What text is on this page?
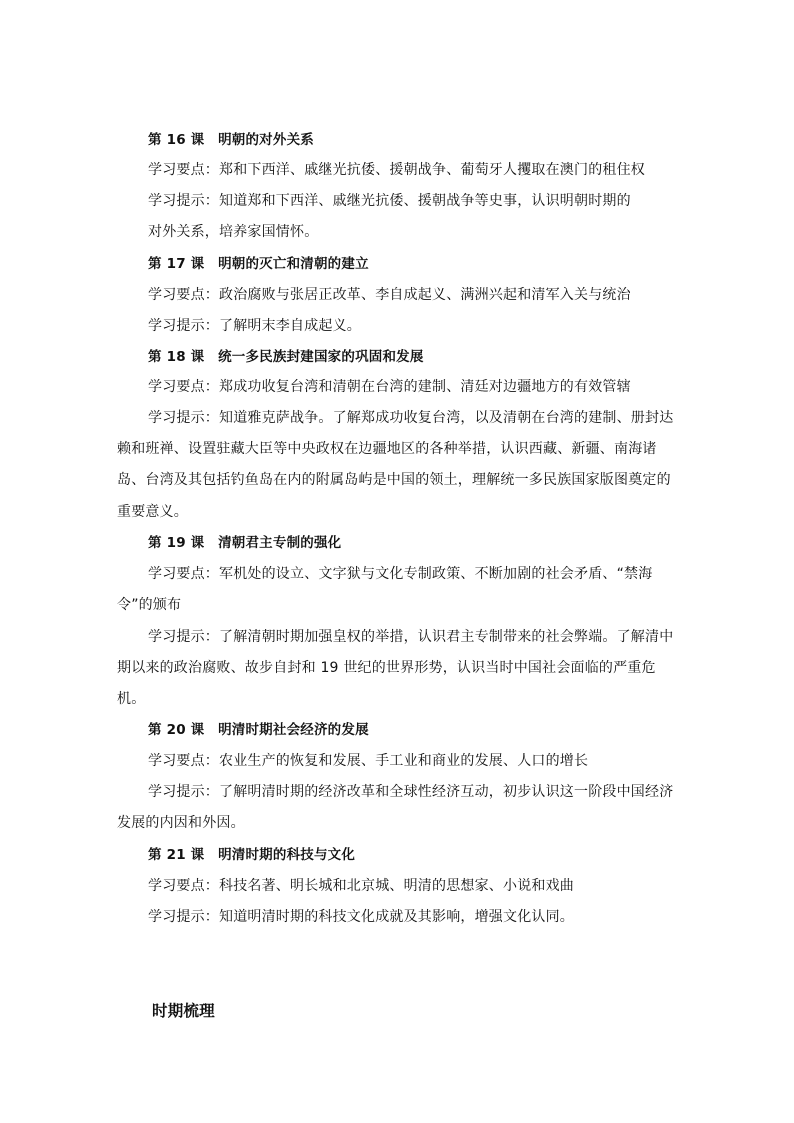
第 16 课　明朝的对外关系
学习要点：郑和下西洋、戚继光抗倭、援朝战争、葡萄牙人攫取在澳门的租住权
学习提示：知道郑和下西洋、戚继光抗倭、援朝战争等史事，认识明朝时期的
对外关系，培养家国情怀。
第 17 课　明朝的灭亡和清朝的建立
学习要点：政治腐败与张居正改革、李自成起义、满洲兴起和清军入关与统治
学习提示：了解明末李自成起义。
第 18 课　统一多民族封建国家的巩固和发展
学习要点：郑成功收复台湾和清朝在台湾的建制、清廷对边疆地方的有效管辖
学习提示：知道雅克萨战争。了解郑成功收复台湾，以及清朝在台湾的建制、册封达
赖和班禅、设置驻藏大臣等中央政权在边疆地区的各种举措，认识西藏、新疆、南海诸
岛、台湾及其包括钓鱼岛在内的附属岛屿是中国的领土，理解统一多民族国家版图奠定的
重要意义。
第 19 课　清朝君主专制的强化
学习要点：军机处的设立、文字狱与文化专制政策、不断加剧的社会矛盾、“禁海
令”的颁布
学习提示：了解清朝时期加强皇权的举措，认识君主专制带来的社会弊端。了解清中
期以来的政治腐败、故步自封和 19 世纪的世界形势，认识当时中国社会面临的严重危
机。
第 20 课　明清时期社会经济的发展
学习要点：农业生产的恢复和发展、手工业和商业的发展、人口的增长
学习提示：了解明清时期的经济改革和全球性经济互动，初步认识这一阶段中国经济
发展的内因和外因。
第 21 课　明清时期的科技与文化
学习要点：科技名著、明长城和北京城、明清的思想家、小说和戏曲
学习提示：知道明清时期的科技文化成就及其影响，增强文化认同。
时期梳理
